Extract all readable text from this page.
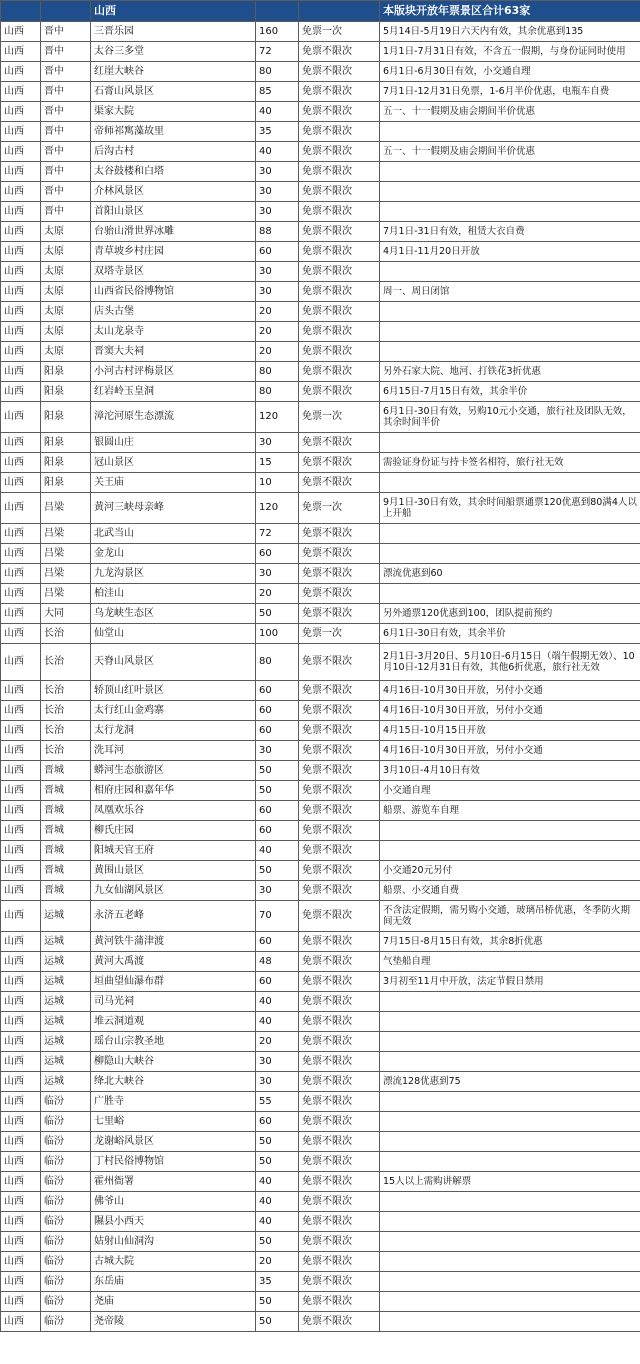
		山西			本版块开放年票景区合计63家
山西	晋中	三晋乐园	160	免票一次	5月14日-5月19日六天内有效，其余优惠到135
山西	晋中	太谷三多堂	72	免票不限次	1月1日-7月31日有效，不含五一假期，与身份证同时使用
山西	晋中	红崖大峡谷	80	免票不限次	6月1日-6月30日有效，小交通自理
山西	晋中	石膏山风景区	85	免票不限次	7月1日-12月31日免票，1-6月半价优惠，电瓶车自费
山西	晋中	渠家大院	40	免票不限次	五一、十一假期及庙会期间半价优惠
山西	晋中	帝师祁寯藻故里	35	免票不限次	
山西	晋中	后沟古村	40	免票不限次	五一、十一假期及庙会期间半价优惠
山西	晋中	太谷鼓楼和白塔	30	免票不限次	
山西	晋中	介林风景区	30	免票不限次	
山西	晋中	首阳山景区	30	免票不限次	
山西	太原	台骀山滑世界冰雕	88	免票不限次	7月1日-31日有效，租赁大衣自费
山西	太原	青草坡乡村庄园	60	免票不限次	4月1日-11月20日开放
山西	太原	双塔寺景区	30	免票不限次	
山西	太原	山西省民俗博物馆	30	免票不限次	周一、周日闭馆
山西	太原	店头古堡	20	免票不限次	
山西	太原	太山龙泉寺	20	免票不限次	
山西	太原	晋窦大夫祠	20	免票不限次	
山西	阳泉	小河古村评梅景区	80	免票不限次	另外石家大院、地河、打铁花3折优惠
山西	阳泉	红岩岭玉皇洞	80	免票不限次	6月15日-7月15日有效，其余半价
山西	阳泉	漳沱河原生态漂流	120	免票一次	6月1日-30日有效，另购10元小交通，旅行社及团队无效，其余时间半价
山西	阳泉	银圆山庄	30	免票不限次	
山西	阳泉	冠山景区	15	免票不限次	需验证身份证与持卡签名相符，旅行社无效
山西	阳泉	关王庙	10	免票不限次	
山西	吕梁	黄河三峡母亲峰	120	免票一次	9月1日-30日有效，其余时间船票通票120优惠到80满4人以上开船
山西	吕梁	北武当山	72	免票不限次	
山西	吕梁	金龙山	60	免票不限次	
山西	吕梁	九龙沟景区	30	免票不限次	漂流优惠到60
山西	吕梁	柏洼山	20	免票不限次	
山西	大同	乌龙峡生态区	50	免票不限次	另外通票120优惠到100，团队提前预约
山西	长治	仙堂山	100	免票一次	6月1日-30日有效，其余半价
山西	长治	天脊山风景区	80	免票不限次	2月1日-3月20日、5月10日-6月15日（端午假期无效）、10月10日-12月31日有效，其他6折优惠，旅行社无效
山西	长治	轿顶山红叶景区	60	免票不限次	4月16日-10月30日开放，另付小交通
山西	长治	太行红山金鸡寨	60	免票不限次	4月16日-10月30日开放，另付小交通
山西	长治	太行龙洞	60	免票不限次	4月15日-10月15日开放
山西	长治	洗耳河	30	免票不限次	4月16日-10月30日开放，另付小交通
山西	晋城	蟒河生态旅游区	50	免票不限次	3月10日-4月10日有效
山西	晋城	相府庄园和嘉年华	50	免票不限次	小交通自理
山西	晋城	凤凰欢乐谷	60	免票不限次	船票、游览车自理
山西	晋城	柳氏庄园	60	免票不限次	
山西	晋城	阳城天官王府	40	免票不限次	
山西	晋城	黄围山景区	50	免票不限次	小交通20元另付
山西	晋城	九女仙湖风景区	30	免票不限次	船票、小交通自费
山西	运城	永济五老峰	70	免票不限次	不含法定假期，需另购小交通，玻璃吊桥优惠，冬季防火期间无效
山西	运城	黄河铁牛蒲津渡	60	免票不限次	7月15日-8月15日有效，其余8折优惠
山西	运城	黄河大禹渡	48	免票不限次	气垫船自理
山西	运城	垣曲望仙瀑布群	60	免票不限次	3月初至11月中开放，法定节假日禁用
山西	运城	司马光祠	40	免票不限次	
山西	运城	堆云洞道观	40	免票不限次	
山西	运城	瑶台山宗教圣地	20	免票不限次	
山西	运城	柳隐山大峡谷	30	免票不限次	
山西	运城	绛北大峡谷	30	免票不限次	漂流128优惠到75
山西	临汾	广胜寺	55	免票不限次	
山西	临汾	七里峪	60	免票不限次	
山西	临汾	龙谢峪风景区	50	免票不限次	
山西	临汾	丁村民俗博物馆	50	免票不限次	
山西	临汾	霍州衙署	40	免票不限次	15人以上需购讲解票
山西	临汾	佛爷山	40	免票不限次	
山西	临汾	隰县小西天	40	免票不限次	
山西	临汾	姑射山仙洞沟	50	免票不限次	
山西	临汾	古城大院	20	免票不限次	
山西	临汾	东岳庙	35	免票不限次	
山西	临汾	尧庙	50	免票不限次	
山西	临汾	尧帝陵	50	免票不限次	
